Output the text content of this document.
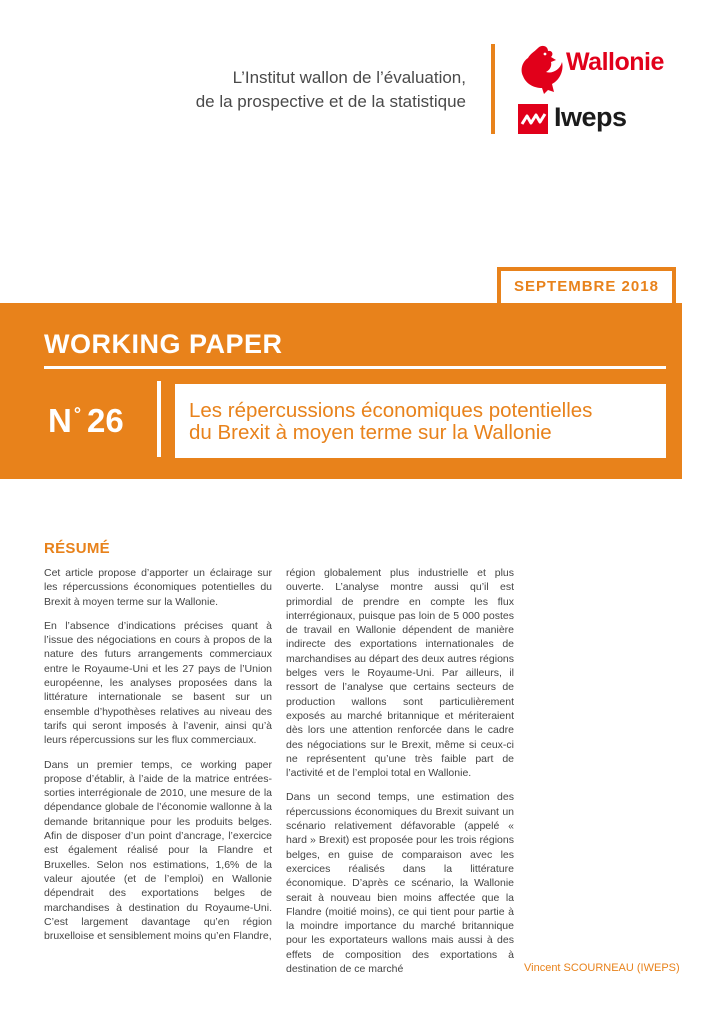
L’Institut wallon de l’évaluation,
de la prospective et de la statistique
Wallonie
Iweps
SEPTEMBRE 2018
WORKING PAPER
N ° 26	Les répercussions économiques potentielles
du Brexit à moyen terme sur la Wallonie
RÉSUMÉ

Cet article propose d’apporter un éclairage sur les répercussions économiques potentielles du Brexit à moyen terme sur la Wallonie.

En l’absence d’indications précises quant à l’issue des négociations en cours à propos de la nature des futurs arrangements commerciaux entre le Royaume-Uni et les 27 pays de l’Union européenne, les analyses proposées dans la littérature internationale se basent sur un ensemble d’hypothèses relatives au niveau des tarifs qui seront imposés à l’avenir, ainsi qu’à leurs répercussions sur les flux commerciaux.

Dans un premier temps, ce working paper propose d’établir, à l’aide de la matrice entrées-sorties interrégionale de 2010, une mesure de la dépendance globale de l’économie wallonne à la demande britannique pour les produits belges. Afin de disposer d’un point d’ancrage, l’exercice est également réalisé pour la Flandre et Bruxelles. Selon nos estimations, 1,6% de la valeur ajoutée (et de l’emploi) en Wallonie dépendrait des exportations belges de marchandises à destination du Royaume-Uni. C’est largement davantage qu’en région bruxelloise et sensiblement moins qu’en Flandre,

région globalement plus industrielle et plus ouverte. L’analyse montre aussi qu’il est primordial de prendre en compte les flux interrégionaux, puisque pas loin de 5 000 postes de travail en Wallonie dépendent de manière indirecte des exportations internationales de marchandises au départ des deux autres régions belges vers le Royaume-Uni. Par ailleurs, il ressort de l’analyse que certains secteurs de production wallons sont particulièrement exposés au marché britannique et mériteraient dès lors une attention renforcée dans le cadre des négociations sur le Brexit, même si ceux-ci ne représentent qu’une très faible part de l’activité et de l’emploi total en Wallonie.

Dans un second temps, une estimation des répercussions économiques du Brexit suivant un scénario relativement défavorable (appelé « hard » Brexit) est proposée pour les trois régions belges, en guise de comparaison avec les exercices réalisés dans la littérature économique. D’après ce scénario, la Wallonie serait à nouveau bien moins affectée que la Flandre (moitié moins), ce qui tient pour partie à la moindre importance du marché britannique pour les exportateurs wallons mais aussi à des effets de composition des exportations à destination de ce marché	Vincent SCOURNEAU (IWEPS)
